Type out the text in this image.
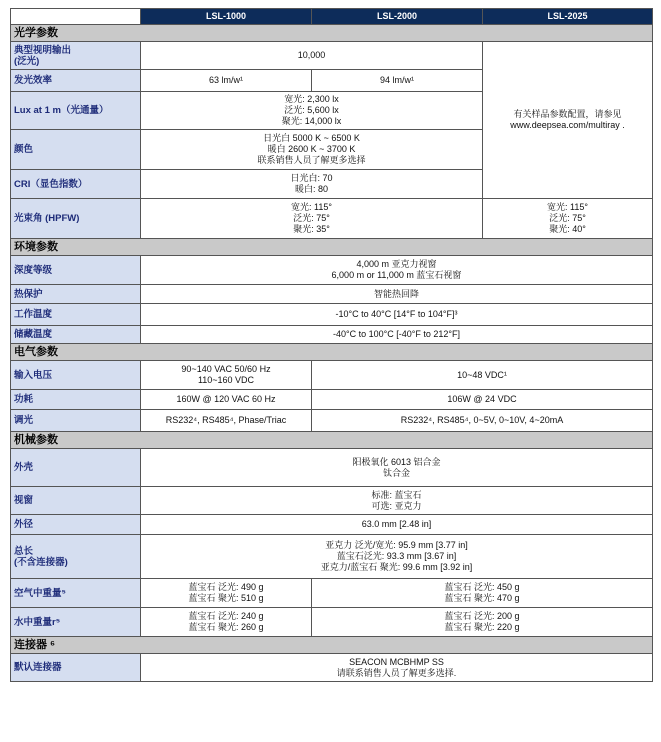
	LSL-1000	LSL-2000	LSL-2025
光学参数			
典型视明输出
(泛光)	10,000		有关样品参数配置，请参见
www.deepsea.com/multiray .
发光效率	63 lm/w¹	94 lm/w¹	
Lux at 1 m（光通量）	宽光: 2,300 lx
泛光: 5,600 lx
聚光: 14,000 lx		
颜色	日光白 5000 K ~ 6500 K
暖白 2600 K ~ 3700 K
联系销售人员了解更多选择		
CRI（显色指数）	日光白: 70
暖白: 80		
光束角 (HPFW)	宽光: 115°
泛光: 75°
聚光: 35°		宽光: 115°
泛光: 75°
聚光: 40°
环境参数			
深度等级	4,000 m 亚克力视窗
6,000 m or 11,000 m 蓝宝石视窗		
热保护	智能热回降		
工作温度	-10°C to 40°C [14°F to 104°F]³		
储藏温度	-40°C to 100°C [-40°F to 212°F]		
电气参数			
输入电压	90~140 VAC 50/60 Hz
110~160 VDC	10~48 VDC¹	
功耗	160W @ 120 VAC 60 Hz	106W @ 24 VDC	
调光	RS232⁴, RS485⁴, Phase/Triac	RS232⁴, RS485⁴, 0~5V, 0~10V, 4~20mA	
机械参数			
外壳	阳极氧化 6013 铝合金
钛合金		
视窗	标准: 蓝宝石
可选: 亚克力		
外径	63.0 mm [2.48 in]		
总长
(不含连接器)	亚克力 泛光/宽光: 95.9 mm [3.77 in]
蓝宝石泛光: 93.3 mm [3.67 in]
亚克力/蓝宝石 聚光: 99.6 mm [3.92 in]		
空气中重量⁵	蓝宝石 泛光: 490 g
蓝宝石 聚光: 510 g	蓝宝石 泛光: 450 g
蓝宝石 聚光: 470 g	
水中重量r⁵	蓝宝石 泛光: 240 g
蓝宝石 聚光: 260 g	蓝宝石 泛光: 200 g
蓝宝石 聚光: 220 g	
连接器 ⁶			
默认连接器	SEACON MCBHMP SS
请联系销售人员了解更多选择.		
